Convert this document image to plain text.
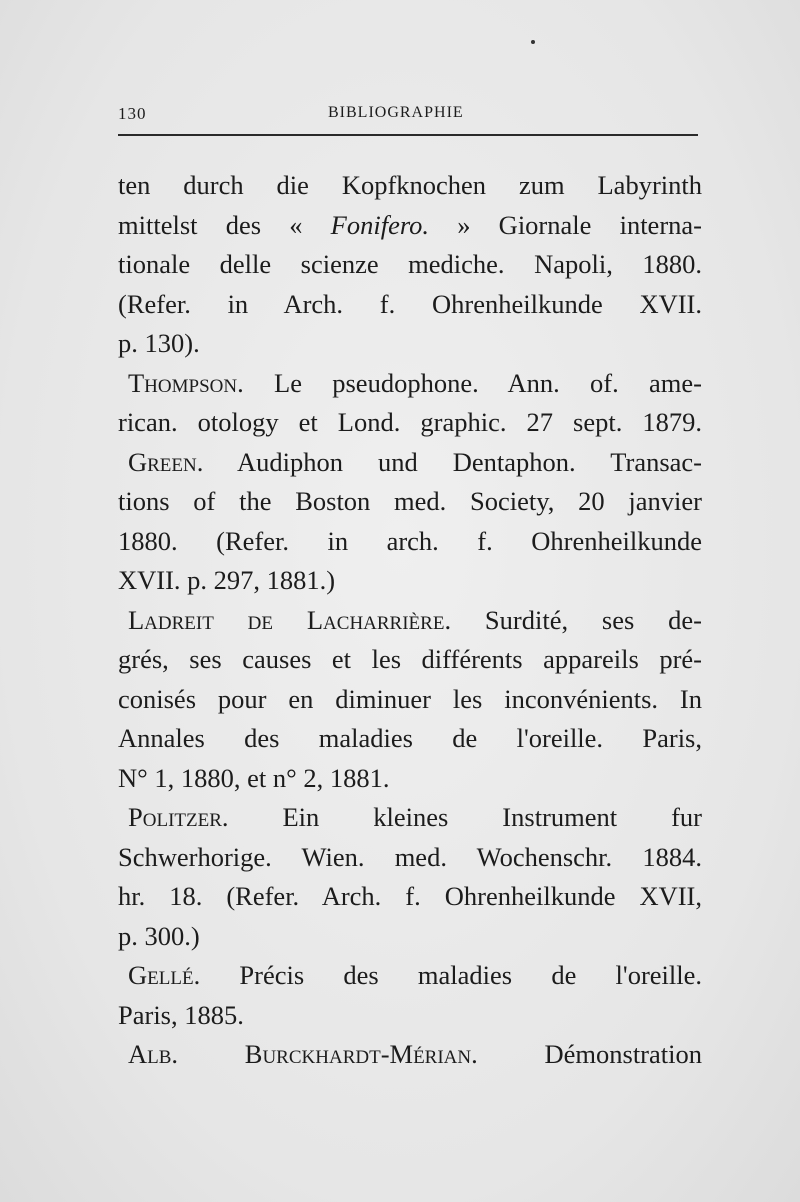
130	BIBLIOGRAPHIE
ten durch die Kopfknochen zum Labyrinth
mittelst des « Fonifero. » Giornale interna-
tionale delle scienze mediche. Napoli, 1880.
(Refer. in Arch. f. Ohrenheilkunde XVII.
p. 130).
Thompson. Le pseudophone. Ann. of. ame-
rican. otology et Lond. graphic. 27 sept. 1879.
Green. Audiphon und Dentaphon. Transac-
tions of the Boston med. Society, 20 janvier
1880. (Refer. in arch. f. Ohrenheilkunde
XVII. p. 297, 1881.)
Ladreit de Lacharrière. Surdité, ses de-
grés, ses causes et les différents appareils pré-
conisés pour en diminuer les inconvénients. In
Annales des maladies de l'oreille. Paris,
N° 1, 1880, et n° 2, 1881.
Politzer. Ein kleines Instrument fur
Schwerhorige. Wien. med. Wochenschr. 1884.
hr. 18. (Refer. Arch. f. Ohrenheilkunde XVII,
p. 300.)
Gellé. Précis des maladies de l'oreille.
Paris, 1885.
Alb. Burckhardt-Mérian. Démonstration
